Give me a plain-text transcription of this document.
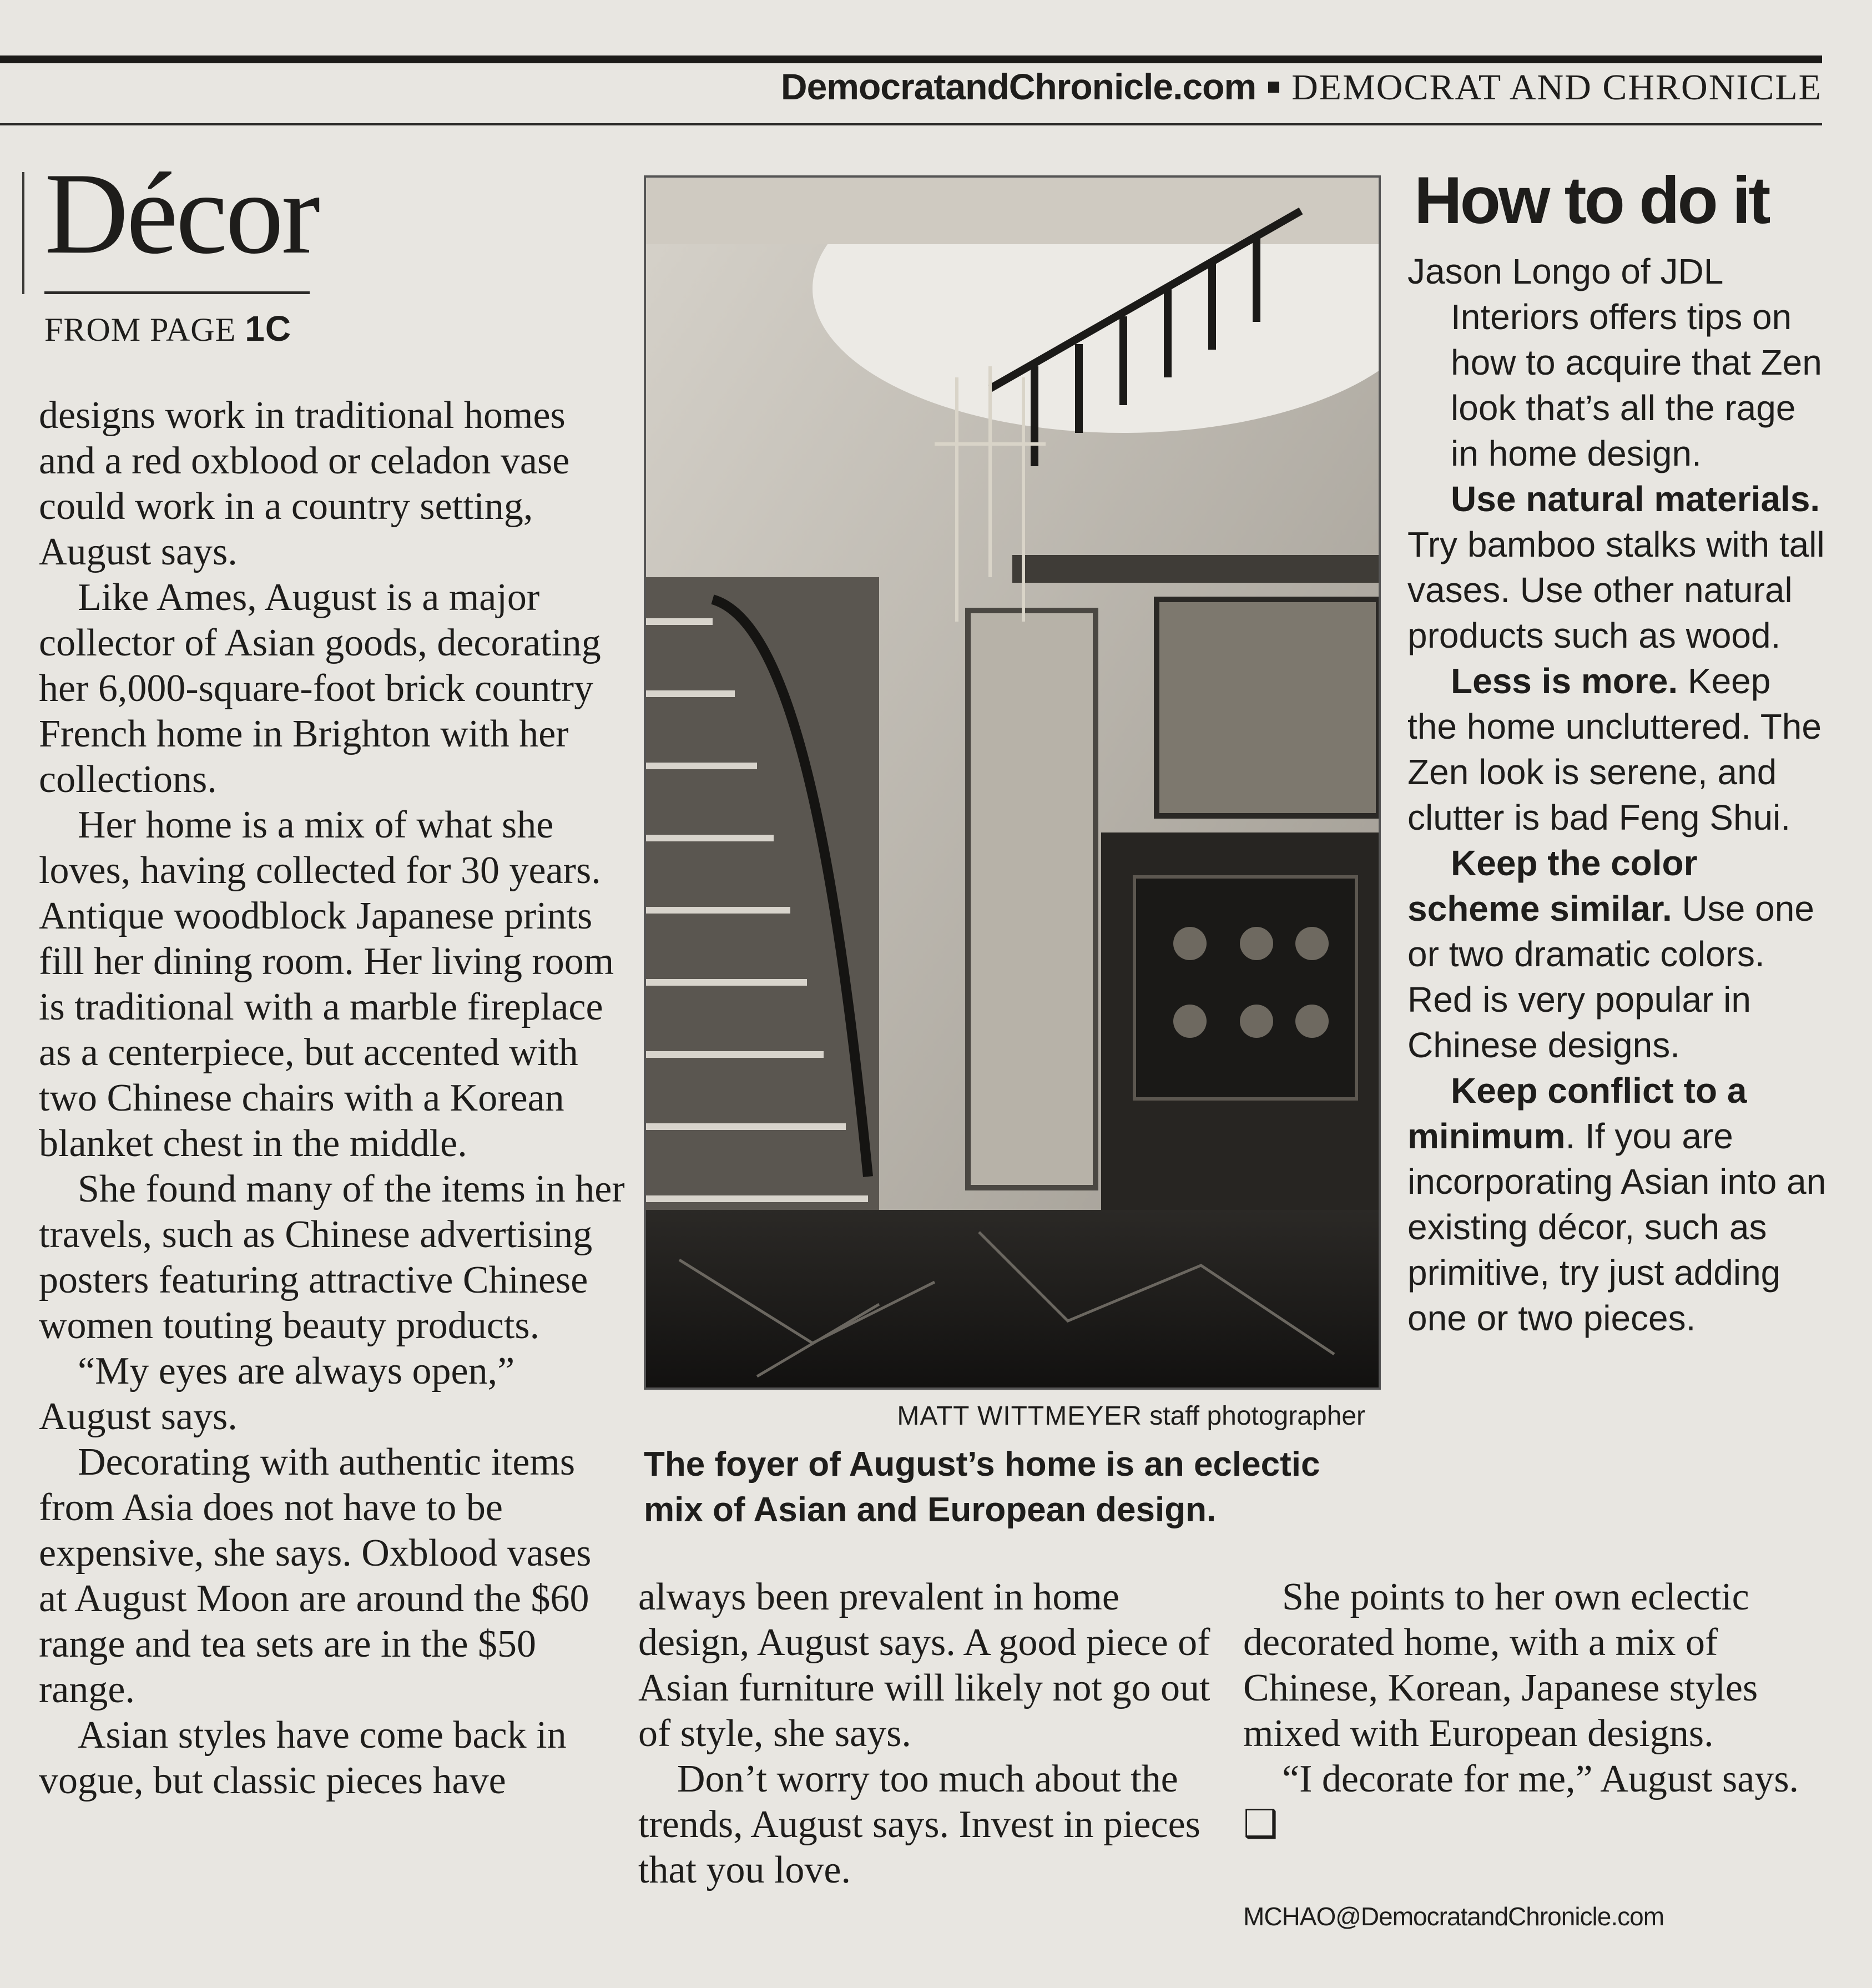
DemocratandChronicle.com DEMOCRAT AND CHRONICLE
Décor
FROM PAGE 1C

designs work in traditional homes and a red oxblood or celadon vase could work in a country setting, August says.

Like Ames, August is a major collector of Asian goods, decorating her 6,000-square-foot brick country French home in Brighton with her collections.

Her home is a mix of what she loves, having collected for 30 years. Antique woodblock Japanese prints fill her dining room. Her living room is traditional with a marble fireplace as a centerpiece, but accented with two Chinese chairs with a Korean blanket chest in the middle.

She found many of the items in her travels, such as Chinese advertising posters featuring attractive Chinese women touting beauty products.

“My eyes are always open,” August says.

Decorating with authentic items from Asia does not have to be expensive, she says. Oxblood vases at August Moon are around the $60 range and tea sets are in the $50 range.

Asian styles have come back in vogue, but classic pieces have

MATT WITTMEYER staff photographer
The foyer of August’s home is an eclectic mix of Asian and European design.
How to do it

Jason Longo of JDL Interiors offers tips on how to acquire that Zen look that’s all the rage in home design.

Use natural materials. Try bamboo stalks with tall vases. Use other natural products such as wood.

Less is more. Keep the home uncluttered. The Zen look is serene, and clutter is bad Feng Shui.

Keep the color scheme similar. Use one or two dramatic colors. Red is very popular in Chinese designs.

Keep conflict to a minimum. If you are incorporating Asian into an existing décor, such as primitive, try just adding one or two pieces.

always been prevalent in home design, August says. A good piece of Asian furniture will likely not go out of style, she says.

Don’t worry too much about the trends, August says. Invest in pieces that you love.

She points to her own eclectic decorated home, with a mix of Chinese, Korean, Japanese styles mixed with European designs.

“I decorate for me,” August says. ❑

MCHAO@DemocratandChronicle.com
